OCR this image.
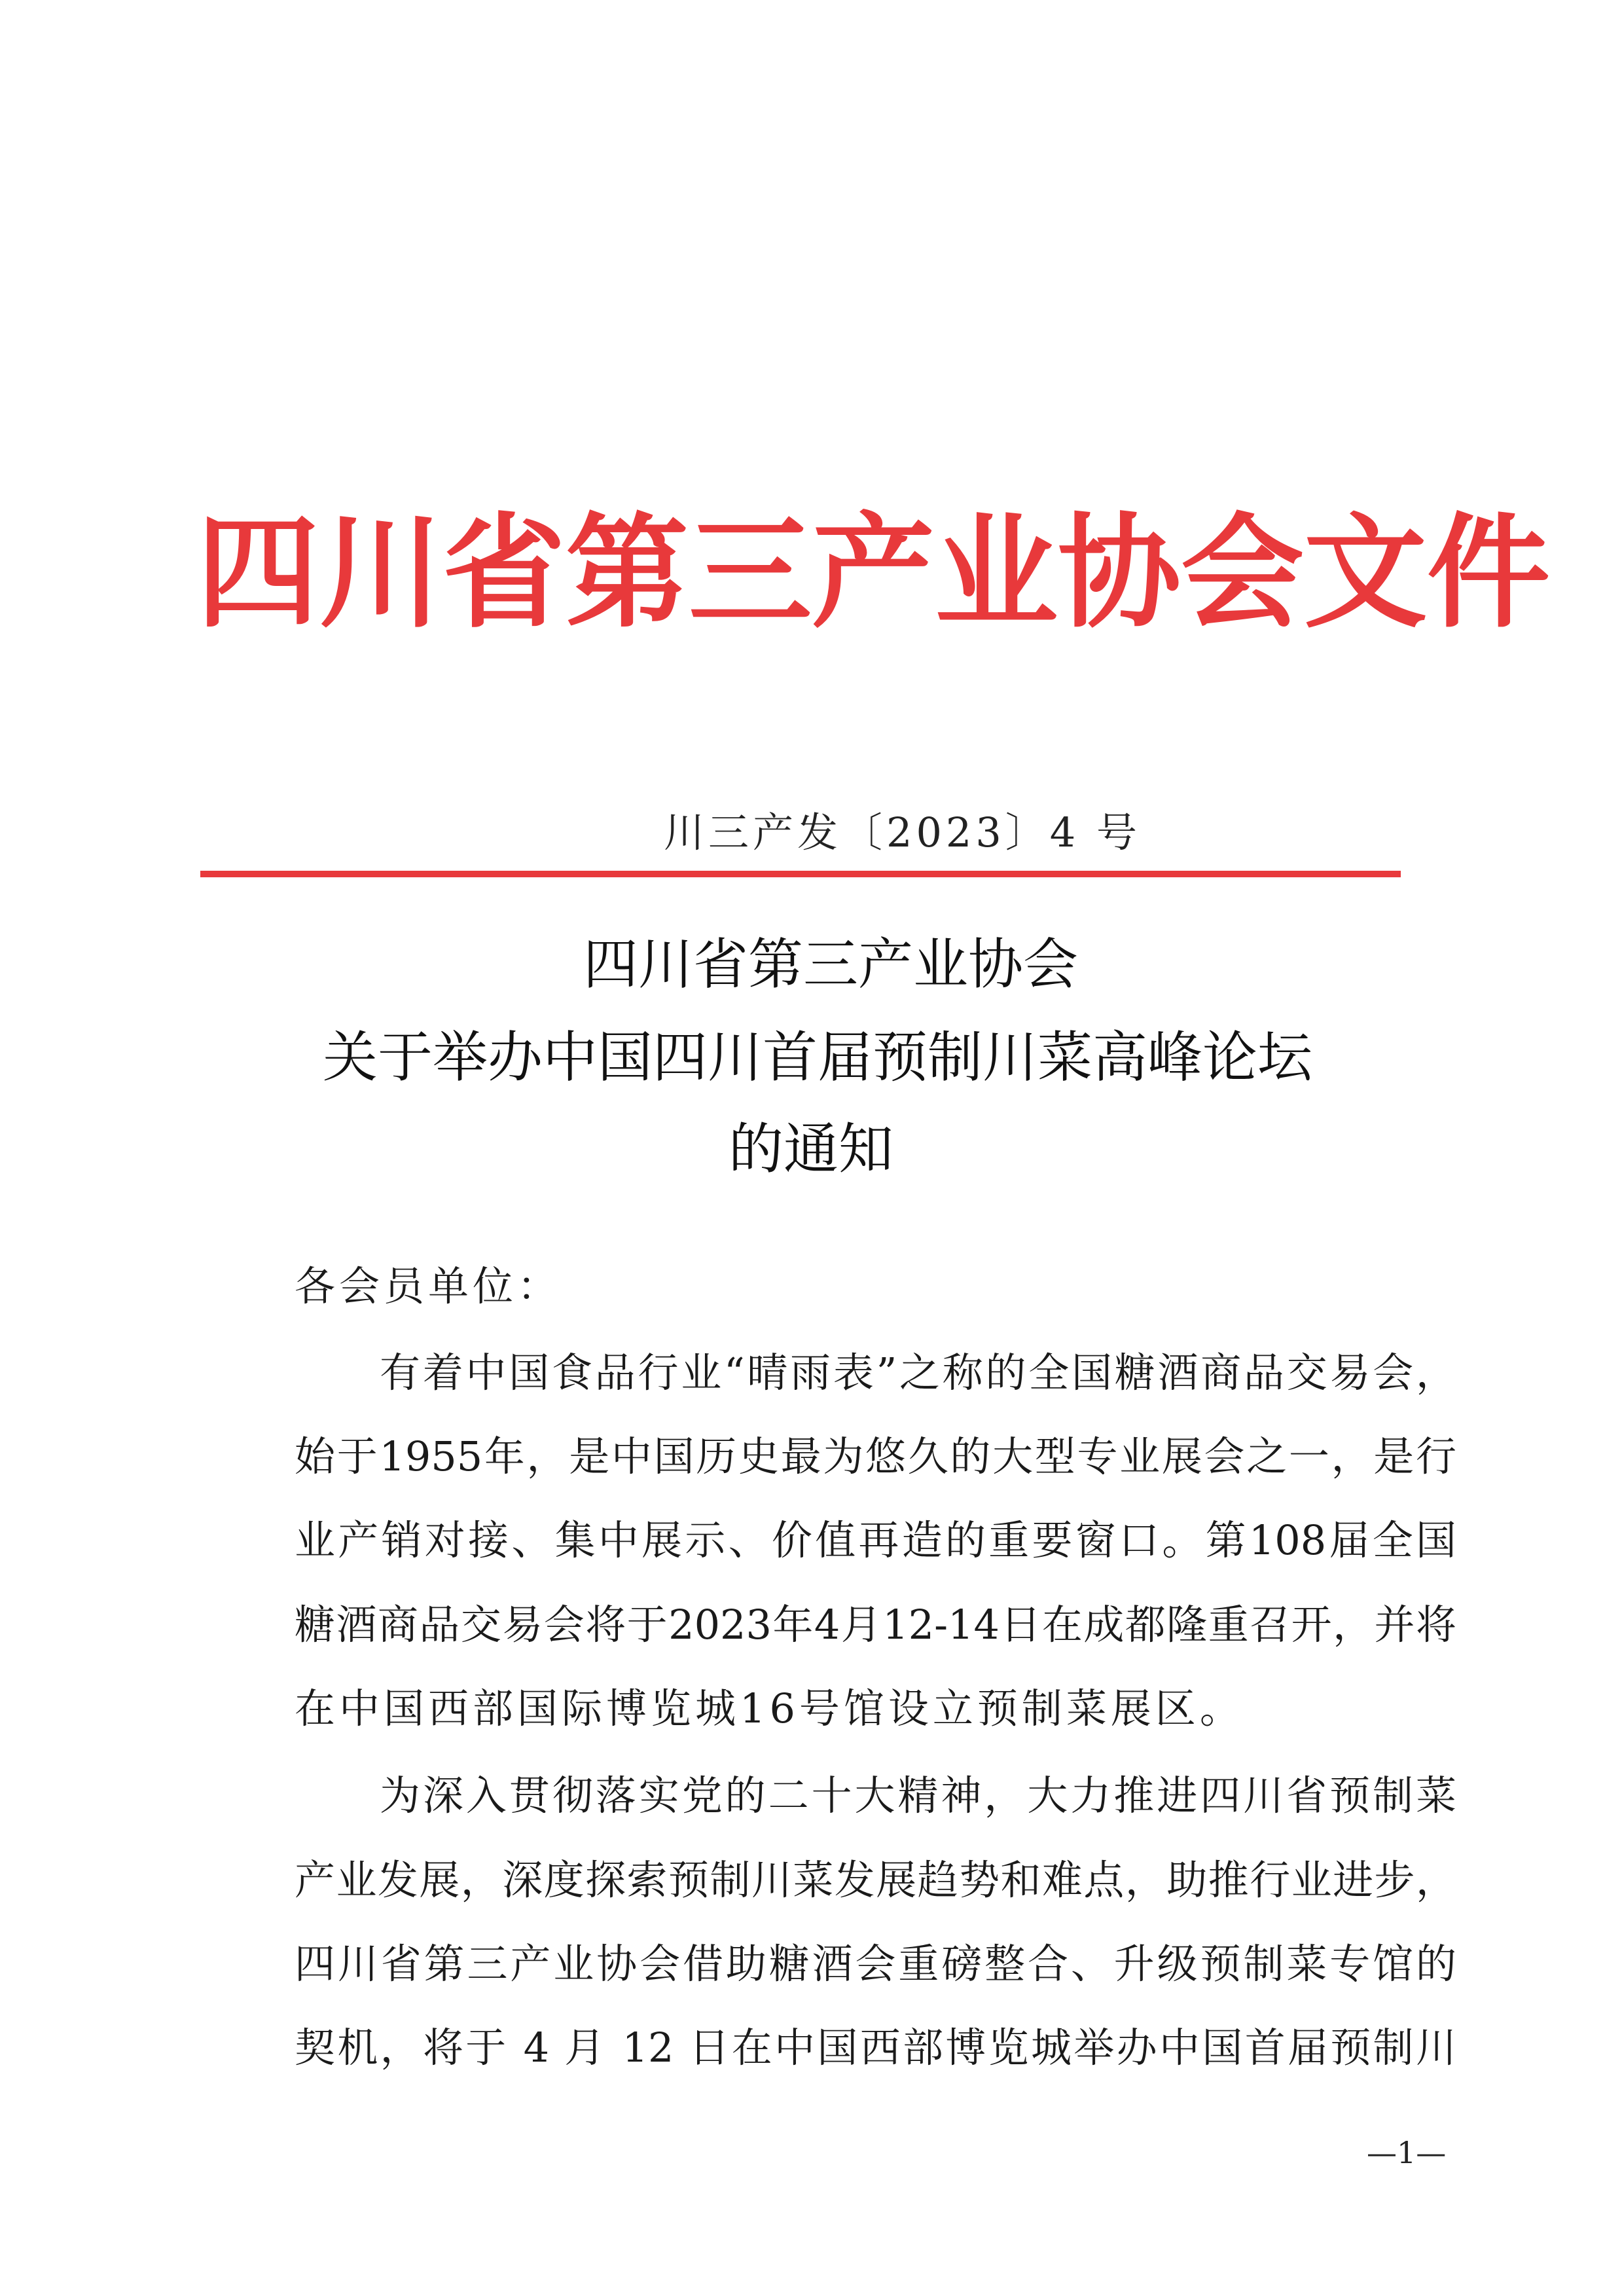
四 川 省 第 三 产 业 协 会 文 件
川三产发〔2023〕4 号
四川省第三产业协会
关于举办中国四川首届预制川菜高峰论坛
的通知
各会员单位：
有着中国食品行业“晴雨表”之称的全国糖酒商品交易会，
始于1955年，是中国历史最为悠久的大型专业展会之一，是行
业产销对接、集中展示、价值再造的重要窗口。第108届全国
糖酒商品交易会将于2023年4月12-14日在成都隆重召开，并将
在中国西部国际博览城16号馆设立预制菜展区。
为深入贯彻落实党的二十大精神，大力推进四川省预制菜
产业发展，深度探索预制川菜发展趋势和难点，助推行业进步，
四川省第三产业协会借助糖酒会重磅整合、升级预制菜专馆的
契机，将于 4 月 12 日在中国西部博览城举办中国首届预制川
—1—
